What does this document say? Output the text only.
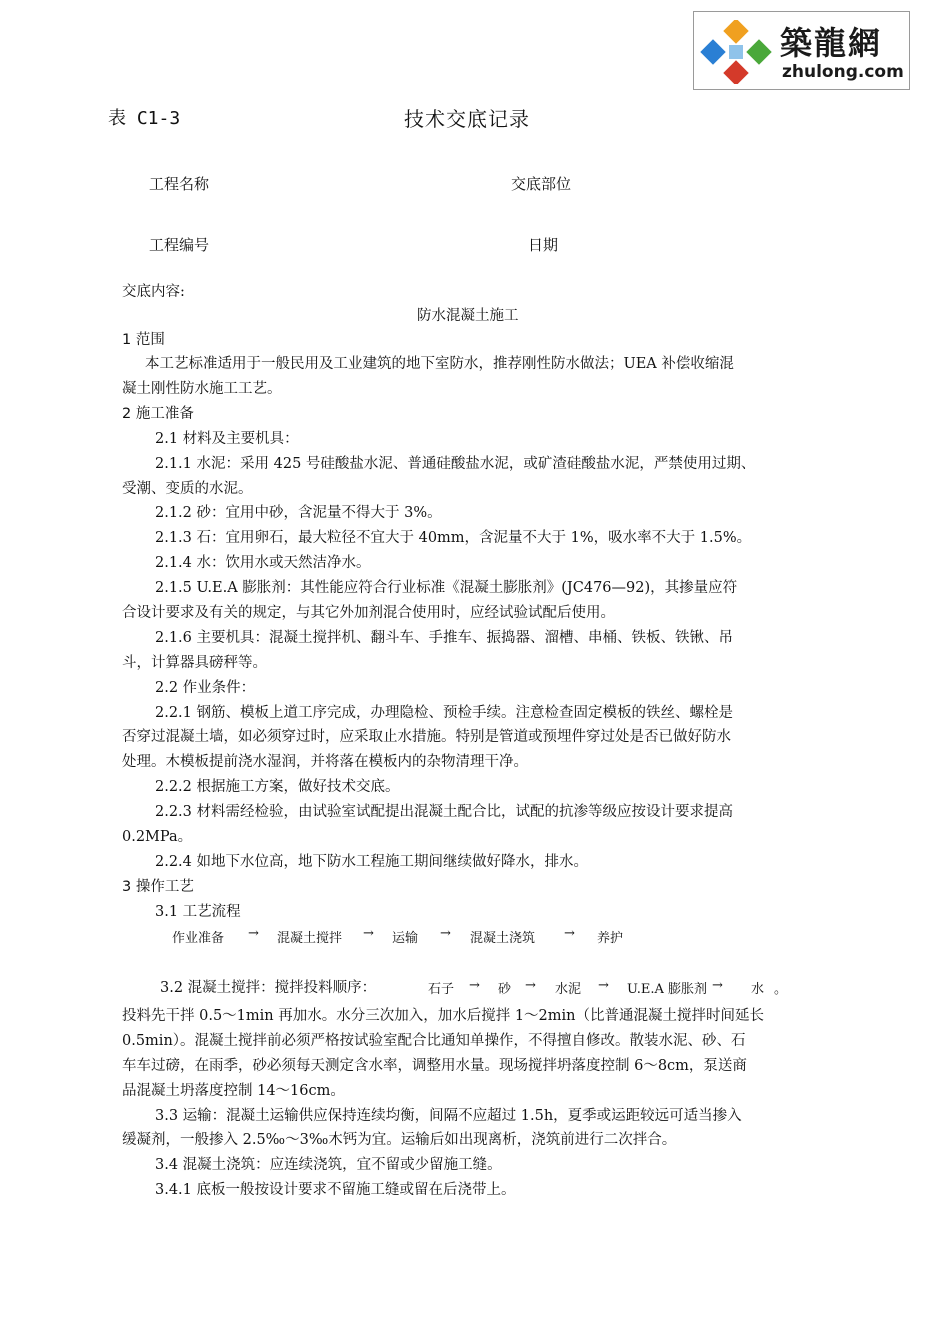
築龍網
zhulong.com
表 C1-3	技术交底记录
工程名称	交底部位
工程编号	日期
交底内容:
防水混凝土施工
1 范围
本工艺标准适用于一般民用及工业建筑的地下室防水，推荐刚性防水做法；UEA 补偿收缩混
凝土刚性防水施工工艺。
2 施工准备
2.1 材料及主要机具：
2.1.1 水泥：采用 425 号硅酸盐水泥、普通硅酸盐水泥，或矿渣硅酸盐水泥，严禁使用过期、
受潮、变质的水泥。
2.1.2 砂：宜用中砂，含泥量不得大于 3%。
2.1.3 石：宜用卵石，最大粒径不宜大于 40mm，含泥量不大于 1%，吸水率不大于 1.5%。
2.1.4 水：饮用水或天然洁净水。
2.1.5 U.E.A 膨胀剂：其性能应符合行业标准《混凝土膨胀剂》(JC476—92)，其掺量应符
合设计要求及有关的规定，与其它外加剂混合使用时，应经试验试配后使用。
2.1.6 主要机具：混凝土搅拌机、翻斗车、手推车、振捣器、溜槽、串桶、铁板、铁锹、吊
斗，计算器具磅秤等。
2.2 作业条件：
2.2.1 钢筋、模板上道工序完成，办理隐检、预检手续。注意检查固定模板的铁丝、螺栓是
否穿过混凝土墙，如必须穿过时，应采取止水措施。特别是管道或预埋件穿过处是否已做好防水
处理。木模板提前浇水湿润，并将落在模板内的杂物清理干净。
2.2.2 根据施工方案，做好技术交底。
2.2.3 材料需经检验，由试验室试配提出混凝土配合比，试配的抗渗等级应按设计要求提高
0.2MPa。
2.2.4 如地下水位高，地下防水工程施工期间继续做好降水，排水。
3 操作工艺
3.1 工艺流程
作业准备 → 混凝土搅拌 → 运输 → 混凝土浇筑 → 养护
3.2 混凝土搅拌：搅拌投料顺序：	石子 → 砂 → 水泥 → U.E.A 膨胀剂 → 水 。
投料先干拌 0.5～1min 再加水。水分三次加入，加水后搅拌 1～2min（比普通混凝土搅拌时间延长
0.5min）。混凝土搅拌前必须严格按试验室配合比通知单操作，不得擅自修改。散装水泥、砂、石
车车过磅，在雨季，砂必须每天测定含水率，调整用水量。现场搅拌坍落度控制 6～8cm，泵送商
品混凝土坍落度控制 14～16cm。
3.3 运输：混凝土运输供应保持连续均衡，间隔不应超过 1.5h，夏季或运距较远可适当掺入
缓凝剂，一般掺入 2.5‰～3‰木钙为宜。运输后如出现离析，浇筑前进行二次拌合。
3.4 混凝土浇筑：应连续浇筑，宜不留或少留施工缝。
3.4.1 底板一般按设计要求不留施工缝或留在后浇带上。
